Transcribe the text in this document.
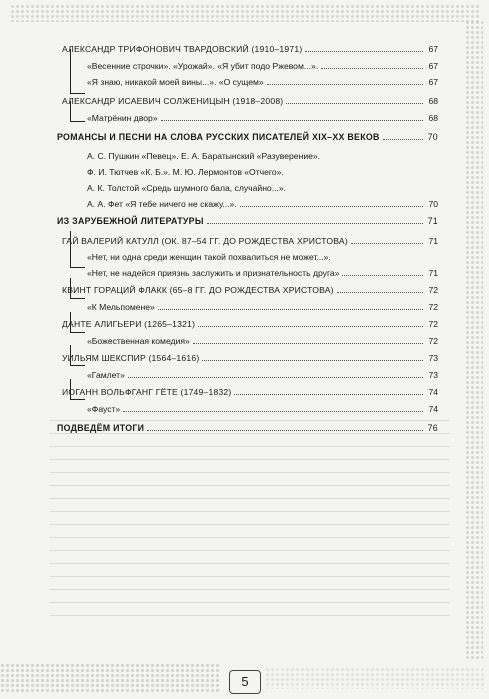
АЛЕКСАНДР ТРИФОНОВИЧ ТВАРДОВСКИЙ (1910–1971)	67
«Весенние строчки». «Урожай». «Я убит подо Ржевом...».	67
«Я знаю, никакой моей вины...». «О сущем»	67
АЛЕКСАНДР ИСАЕВИЧ СОЛЖЕНИЦЫН (1918–2008)	68
«Матрёнин двор»	68
РОМАНСЫ И ПЕСНИ НА СЛОВА РУССКИХ ПИСАТЕЛЕЙ XIX–XX ВЕКОВ	70
А. С. Пушкин «Певец». Е. А. Баратынский «Разуверение».
Ф. И. Тютчев «К. Б.». М. Ю. Лермонтов «Отчего».
А. К. Толстой «Средь шумного бала, случайно...».
А. А. Фет «Я тебе ничего не скажу...».	70
ИЗ ЗАРУБЕЖНОЙ ЛИТЕРАТУРЫ	71
ГАЙ ВАЛЕРИЙ КАТУЛЛ (ОК. 87–54 ГГ. ДО РОЖДЕСТВА ХРИСТОВА)	71
«Нет, ни одна среди женщин такой похвалиться не может...».
«Нет, не надейся приязнь заслужить и признательность друга»	71
КВИНТ ГОРАЦИЙ ФЛАКК (65–8 ГГ. ДО РОЖДЕСТВА ХРИСТОВА)	72
«К Мельпомене»	72
ДАНТЕ АЛИГЬЕРИ (1265–1321)	72
«Божественная комедия»	72
УИЛЬЯМ ШЕКСПИР (1564–1616)	73
«Гамлет»	73
ИОГАНН ВОЛЬФГАНГ ГЁТЕ (1749–1832)	74
«Фауст»	74
ПОДВЕДЁМ ИТОГИ	76
5
